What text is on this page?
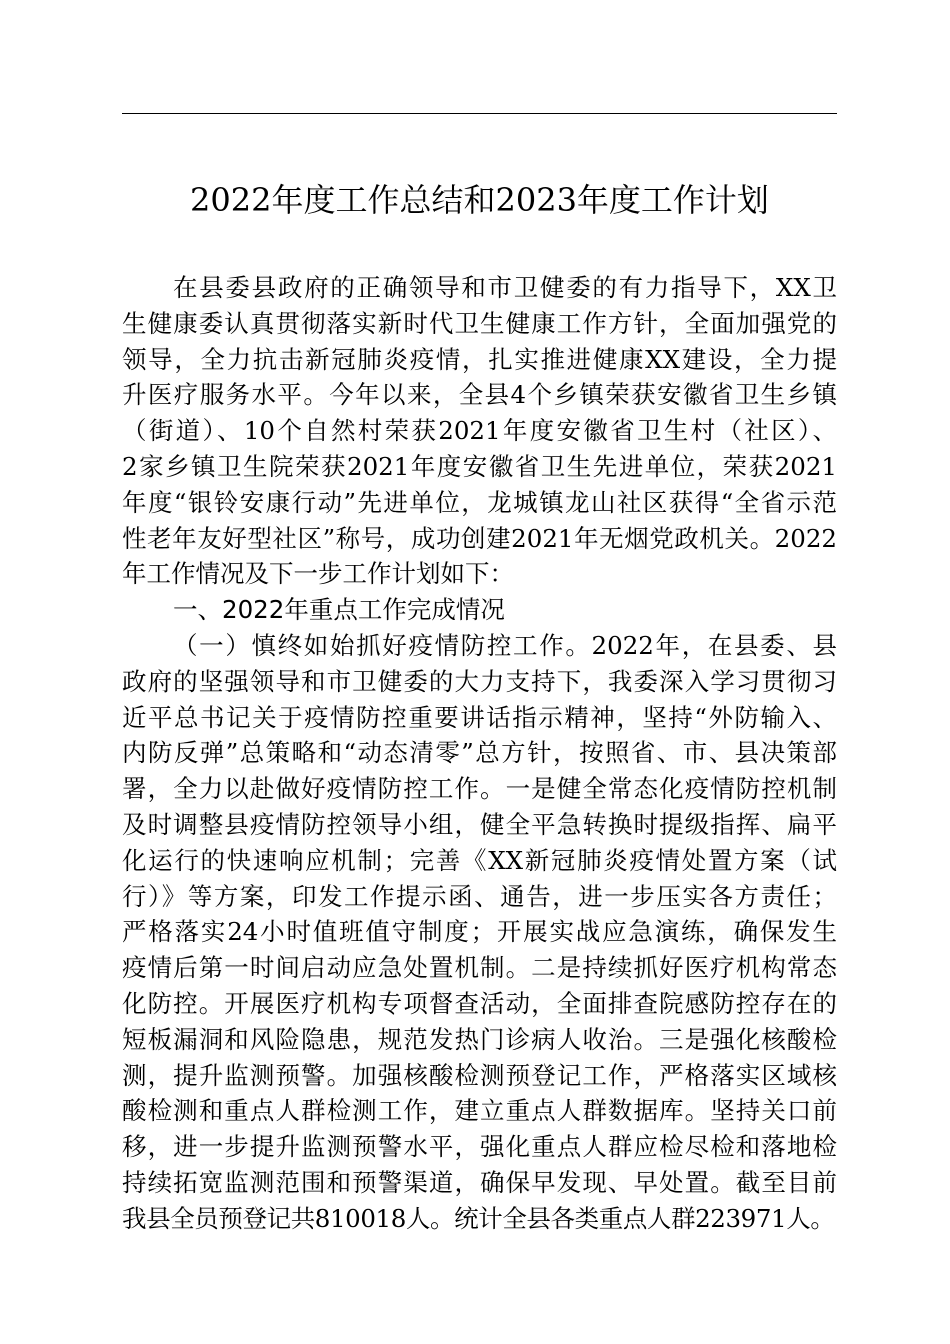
2022年度工作总结和2023年度工作计划
在县委县政府的正确领导和市卫健委的有力指导下，XX卫
生健康委认真贯彻落实新时代卫生健康工作方针，全面加强党的
领导，全力抗击新冠肺炎疫情，扎实推进健康XX建设，全力提
升医疗服务水平。今年以来，全县4个乡镇荣获安徽省卫生乡镇
（街道）、10个自然村荣获2021年度安徽省卫生村（社区）、
2家乡镇卫生院荣获2021年度安徽省卫生先进单位，荣获2021
年度“银铃安康行动”先进单位，龙城镇龙山社区获得“全省示范
性老年友好型社区”称号，成功创建2021年无烟党政机关。2022
年工作情况及下一步工作计划如下：
一、2022年重点工作完成情况
（一）慎终如始抓好疫情防控工作。2022年，在县委、县
政府的坚强领导和市卫健委的大力支持下，我委深入学习贯彻习
近平总书记关于疫情防控重要讲话指示精神，坚持“外防输入、
内防反弹”总策略和“动态清零”总方针，按照省、市、县决策部
署，全力以赴做好疫情防控工作。一是健全常态化疫情防控机制
及时调整县疫情防控领导小组，健全平急转换时提级指挥、扁平
化运行的快速响应机制；完善《XX新冠肺炎疫情处置方案（试
行）》等方案，印发工作提示函、通告，进一步压实各方责任；
严格落实24小时值班值守制度；开展实战应急演练，确保发生
疫情后第一时间启动应急处置机制。二是持续抓好医疗机构常态
化防控。开展医疗机构专项督查活动，全面排查院感防控存在的
短板漏洞和风险隐患，规范发热门诊病人收治。三是强化核酸检
测，提升监测预警。加强核酸检测预登记工作，严格落实区域核
酸检测和重点人群检测工作，建立重点人群数据库。坚持关口前
移，进一步提升监测预警水平，强化重点人群应检尽检和落地检
持续拓宽监测范围和预警渠道，确保早发现、早处置。截至目前
我县全员预登记共810018人。统计全县各类重点人群223971人。
